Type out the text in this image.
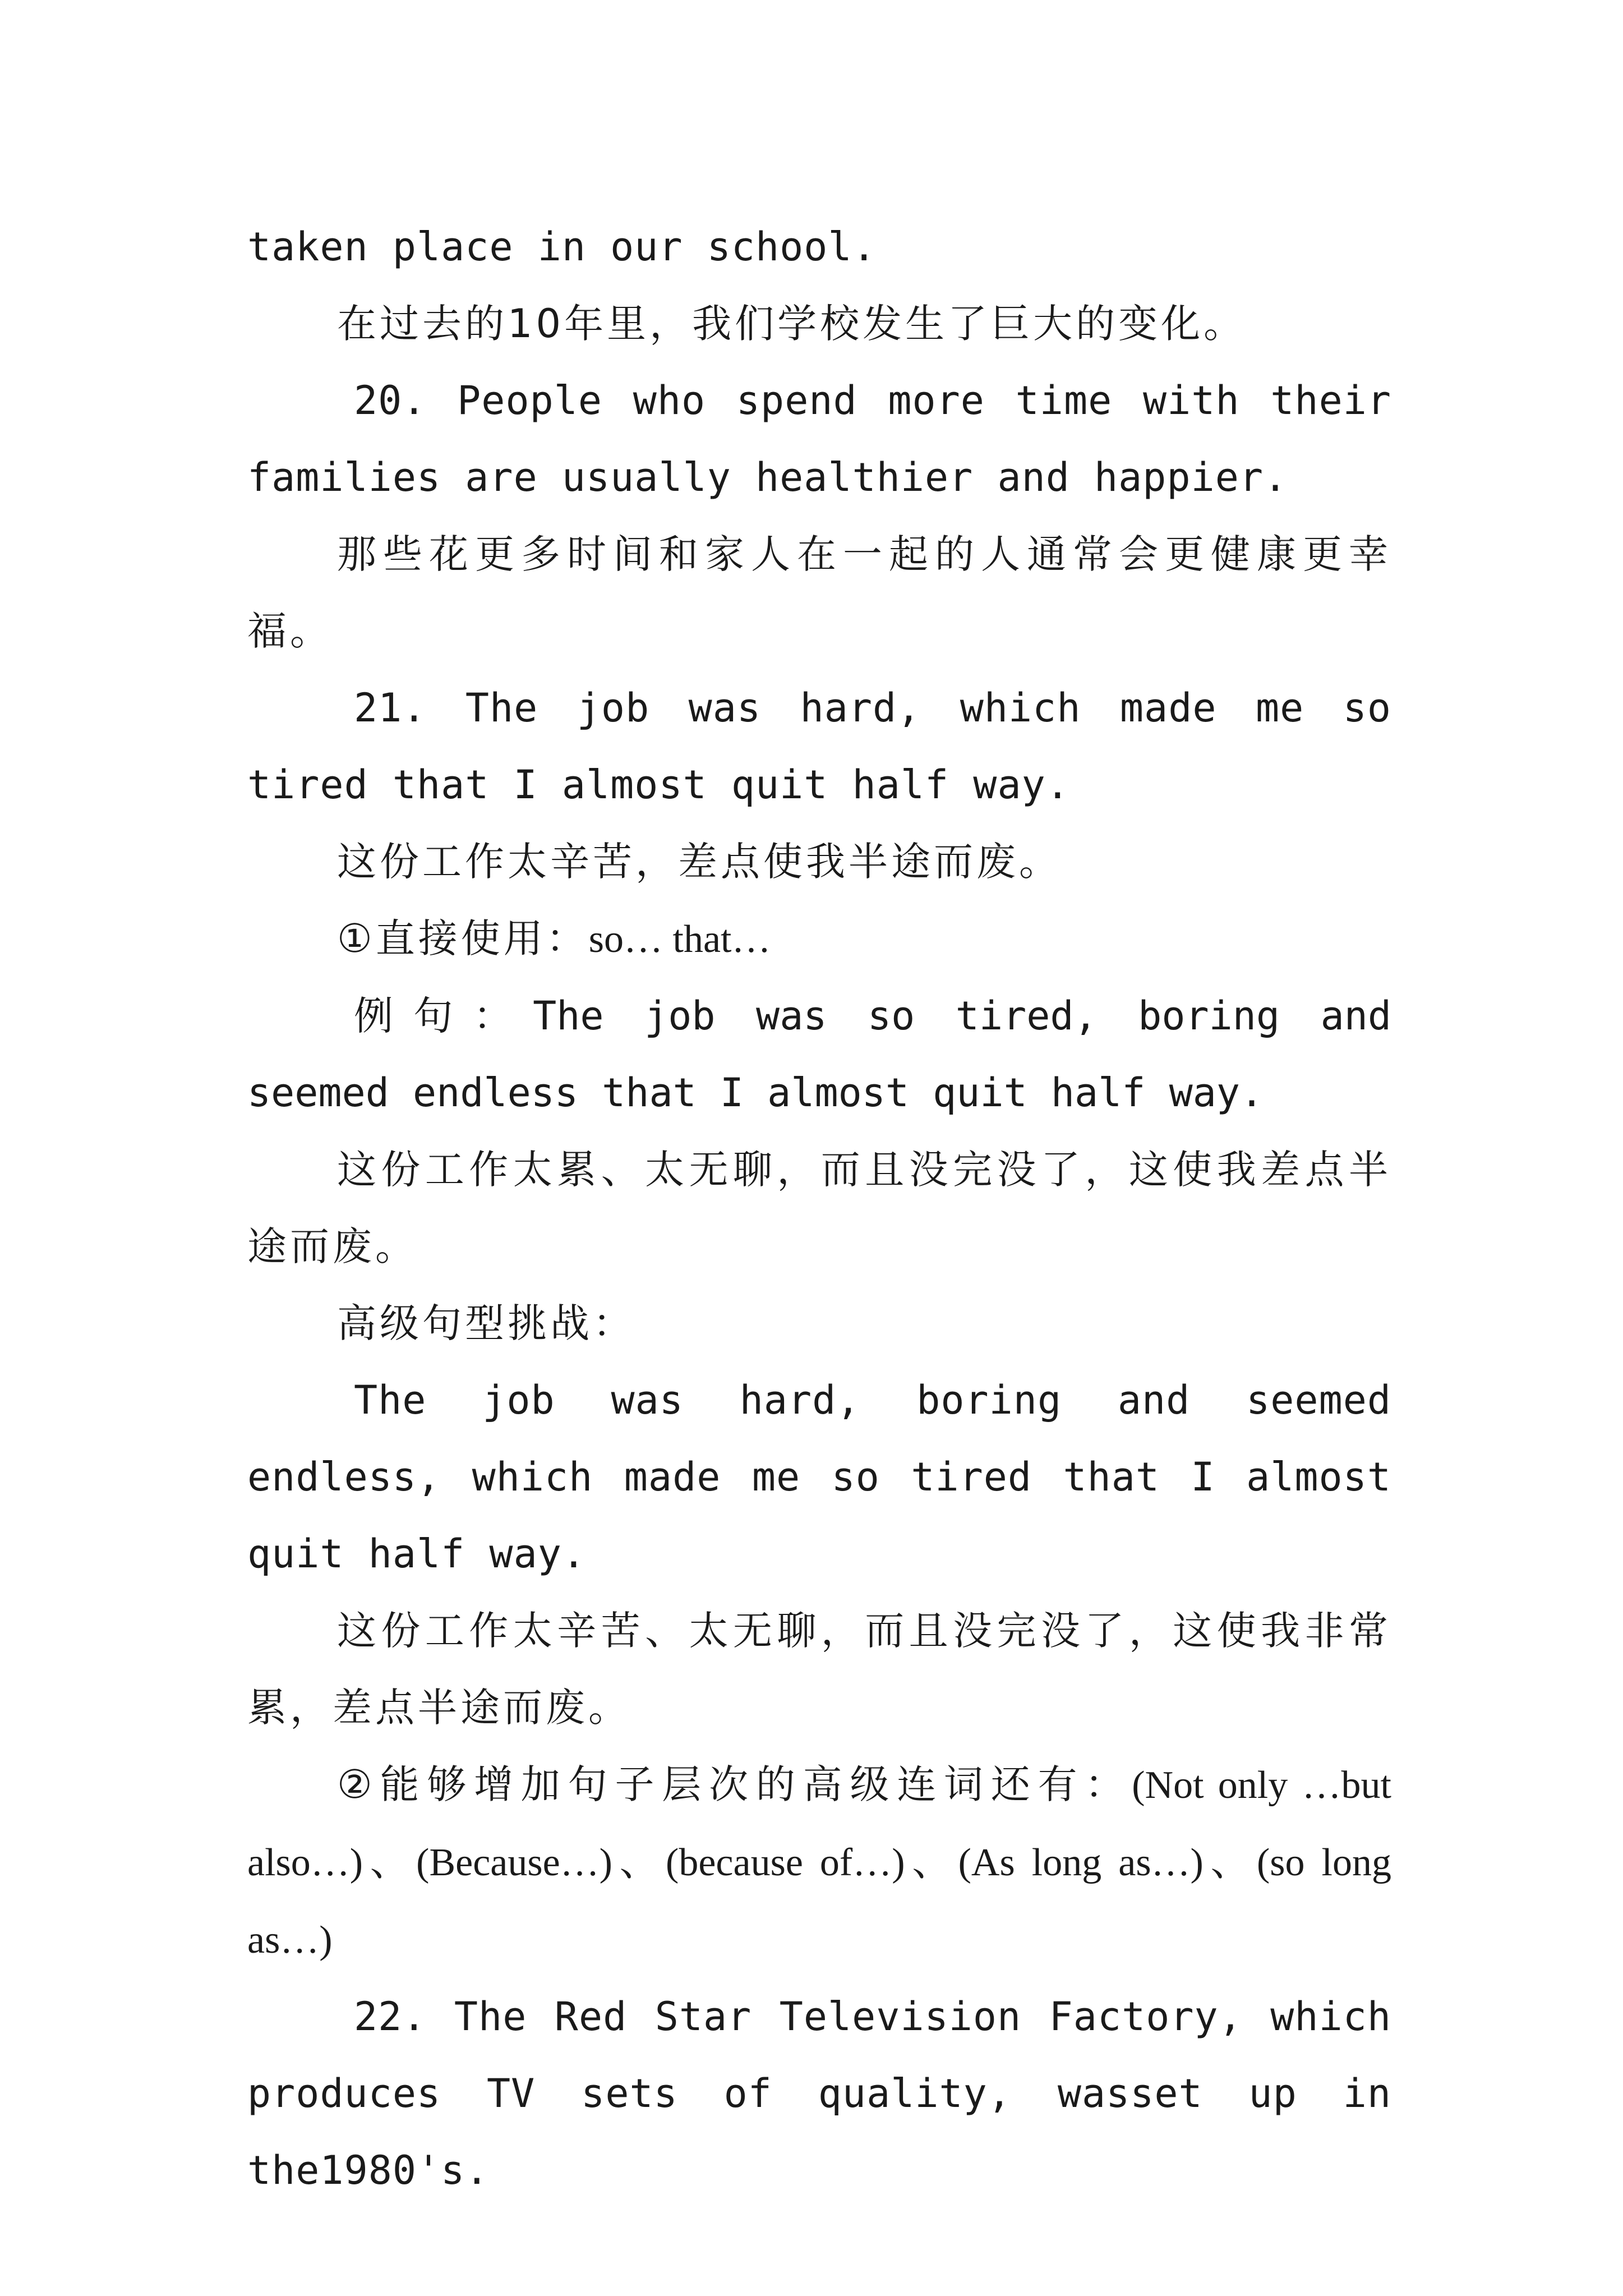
taken place in our school.

在过去的10年里，我们学校发生了巨大的变化。

20. People who spend more time with their families are usually healthier and happier.

那些花更多时间和家人在一起的人通常会更健康更幸福。

21. The job was hard, which made me so tired that I almost quit half way.

这份工作太辛苦，差点使我半途而废。

①直接使用：so… that…

例句：The job was so tired, boring and seemed endless that I almost quit half way.

这份工作太累、太无聊，而且没完没了，这使我差点半途而废。

高级句型挑战：

The job was hard, boring and seemed endless, which made me so tired that I almost quit half way.

这份工作太辛苦、太无聊，而且没完没了，这使我非常累，差点半途而废。

②能够增加句子层次的高级连词还有：(Not only …but also…)、(Because…)、(because of…)、(As long as…)、(so long as…)

22. The Red Star Television Factory, which produces TV sets of quality, wasset up in the1980's.
